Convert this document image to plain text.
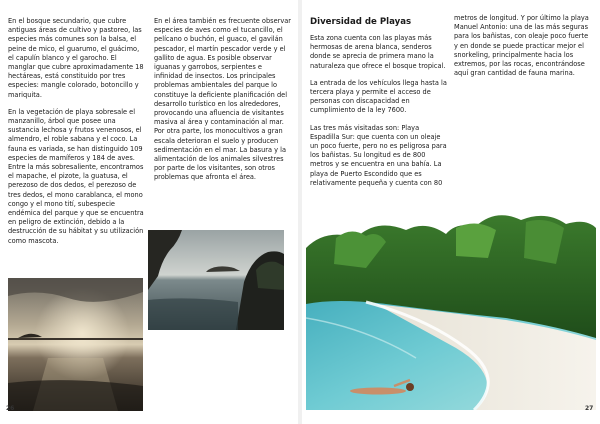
En el bosque secundario, que cubre antiguas áreas de cultivo y pastoreo, las especies más comunes son la balsa, el peine de mico, el guarumo, el guácimo, el capulín blanco y el garocho. El manglar que cubre aproximadamente 18 hectáreas, está constituido por tres especies: mangle colorado, botoncillo y mariquita.

En la vegetación de playa sobresale el manzanillo, árbol que posee una sustancia lechosa y frutos venenosos, el almendro, el roble sabana y el coco. La fauna es variada, se han distinguido 109 especies de mamíferos y 184 de aves. Entre la más sobresaliente, encontramos el mapache, el pizote, la guatusa, el perezoso de dos dedos, el perezoso de tres dedos, el mono carablanca, el mono congo y el mono tití, subespecie endémica del parque y que se encuentra en peligro de extinción, debido a la destrucción de su hábitat y su utilización como mascota.

En el área también es frecuente observar especies de aves como el tucancillo, el pelícano o buchón, el guaco, el gavilán pescador, el martín pescador verde y el gallito de agua. Es posible observar iguanas y garrobos, serpientes e infinidad de insectos. Los principales problemas ambientales del parque lo constituye la deficiente planificación del desarrollo turístico en los alrededores, provocando una afluencia de visitantes masiva al área y contaminación al mar. Por otra parte, los monocultivos a gran escala deterioran el suelo y producen sedimentación en el mar. La basura y la alimentación de los animales silvestres por parte de los visitantes, son otros problemas que afronta el área.

26
Diversidad de Playas

Esta zona cuenta con las playas más hermosas de arena blanca, senderos donde se aprecia de primera mano la naturaleza que ofrece el bosque tropical.

La entrada de los vehículos llega hasta la tercera playa y permite el acceso de personas con discapacidad en cumplimiento de la ley 7600.

Las tres más visitadas son: Playa Espadilla Sur: que cuenta con un oleaje un poco fuerte, pero no es peligrosa para los bañistas. Su longitud es de 800 metros y se encuentra en una bahía. La playa de Puerto Escondido que es relativamente pequeña y cuenta con 80

metros de longitud. Y por último la playa Manuel Antonio: una de las más seguras para los bañistas, con oleaje poco fuerte y en donde se puede practicar mejor el snorkeling, principalmente hacia los extremos, por las rocas, encontrándose aquí gran cantidad de fauna marina.

27
